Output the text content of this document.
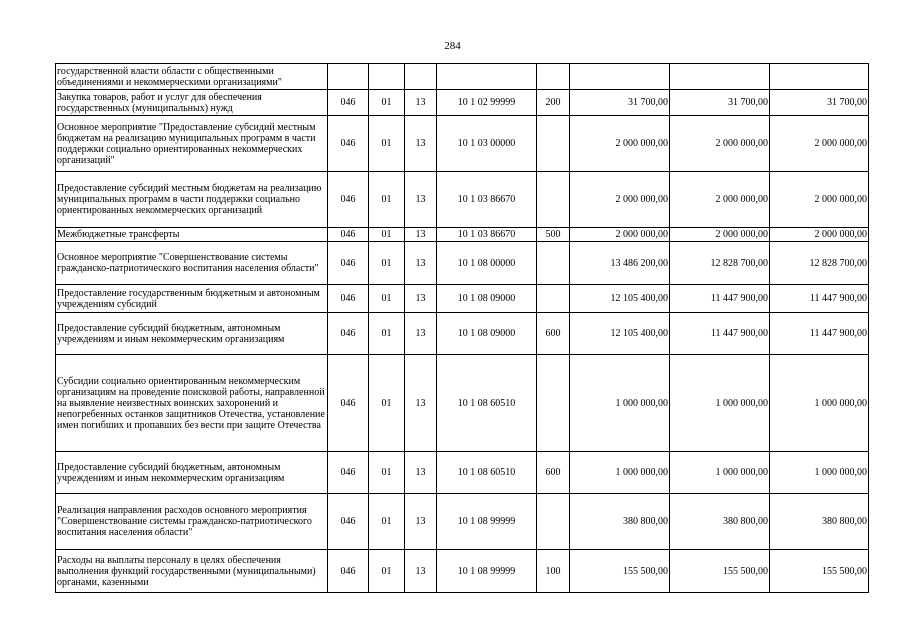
284
государственной власти области с общественными объединениями и некоммерческими организациями"								
Закупка товаров, работ и услуг для обеспечения государственных (муниципальных) нужд	046	01	13	10 1 02 99999	200	31 700,00	31 700,00	31 700,00
Основное мероприятие "Предоставление субсидий местным бюджетам на реализацию муниципальных программ в части поддержки социально ориентированных некоммерческих организаций"	046	01	13	10 1 03 00000		2 000 000,00	2 000 000,00	2 000 000,00
Предоставление субсидий местным бюджетам на реализацию муниципальных программ в части поддержки социально ориентированных некоммерческих организаций	046	01	13	10 1 03 86670		2 000 000,00	2 000 000,00	2 000 000,00
Межбюджетные трансферты	046	01	13	10 1 03 86670	500	2 000 000,00	2 000 000,00	2 000 000,00
Основное мероприятие "Совершенствование системы гражданско-патриотического воспитания населения области"	046	01	13	10 1 08 00000		13 486 200,00	12 828 700,00	12 828 700,00
Предоставление государственным бюджетным и автономным учреждениям субсидий	046	01	13	10 1 08 09000		12 105 400,00	11 447 900,00	11 447 900,00
Предоставление субсидий бюджетным, автономным учреждениям и иным некоммерческим организациям	046	01	13	10 1 08 09000	600	12 105 400,00	11 447 900,00	11 447 900,00
Субсидии социально ориентированным некоммерческим организациям на проведение поисковой работы, направленной на выявление неизвестных воинских захоронений и непогребенных останков защитников Отечества, установление имен погибших и пропавших без вести при защите Отечества	046	01	13	10 1 08 60510		1 000 000,00	1 000 000,00	1 000 000,00
Предоставление субсидий бюджетным, автономным учреждениям и иным некоммерческим организациям	046	01	13	10 1 08 60510	600	1 000 000,00	1 000 000,00	1 000 000,00
Реализация направления расходов основного мероприятия "Совершенствование системы гражданско-патриотического воспитания населения области"	046	01	13	10 1 08 99999		380 800,00	380 800,00	380 800,00
Расходы на выплаты персоналу в целях обеспечения выполнения функций государственными (муниципальными) органами, казенными	046	01	13	10 1 08 99999	100	155 500,00	155 500,00	155 500,00
